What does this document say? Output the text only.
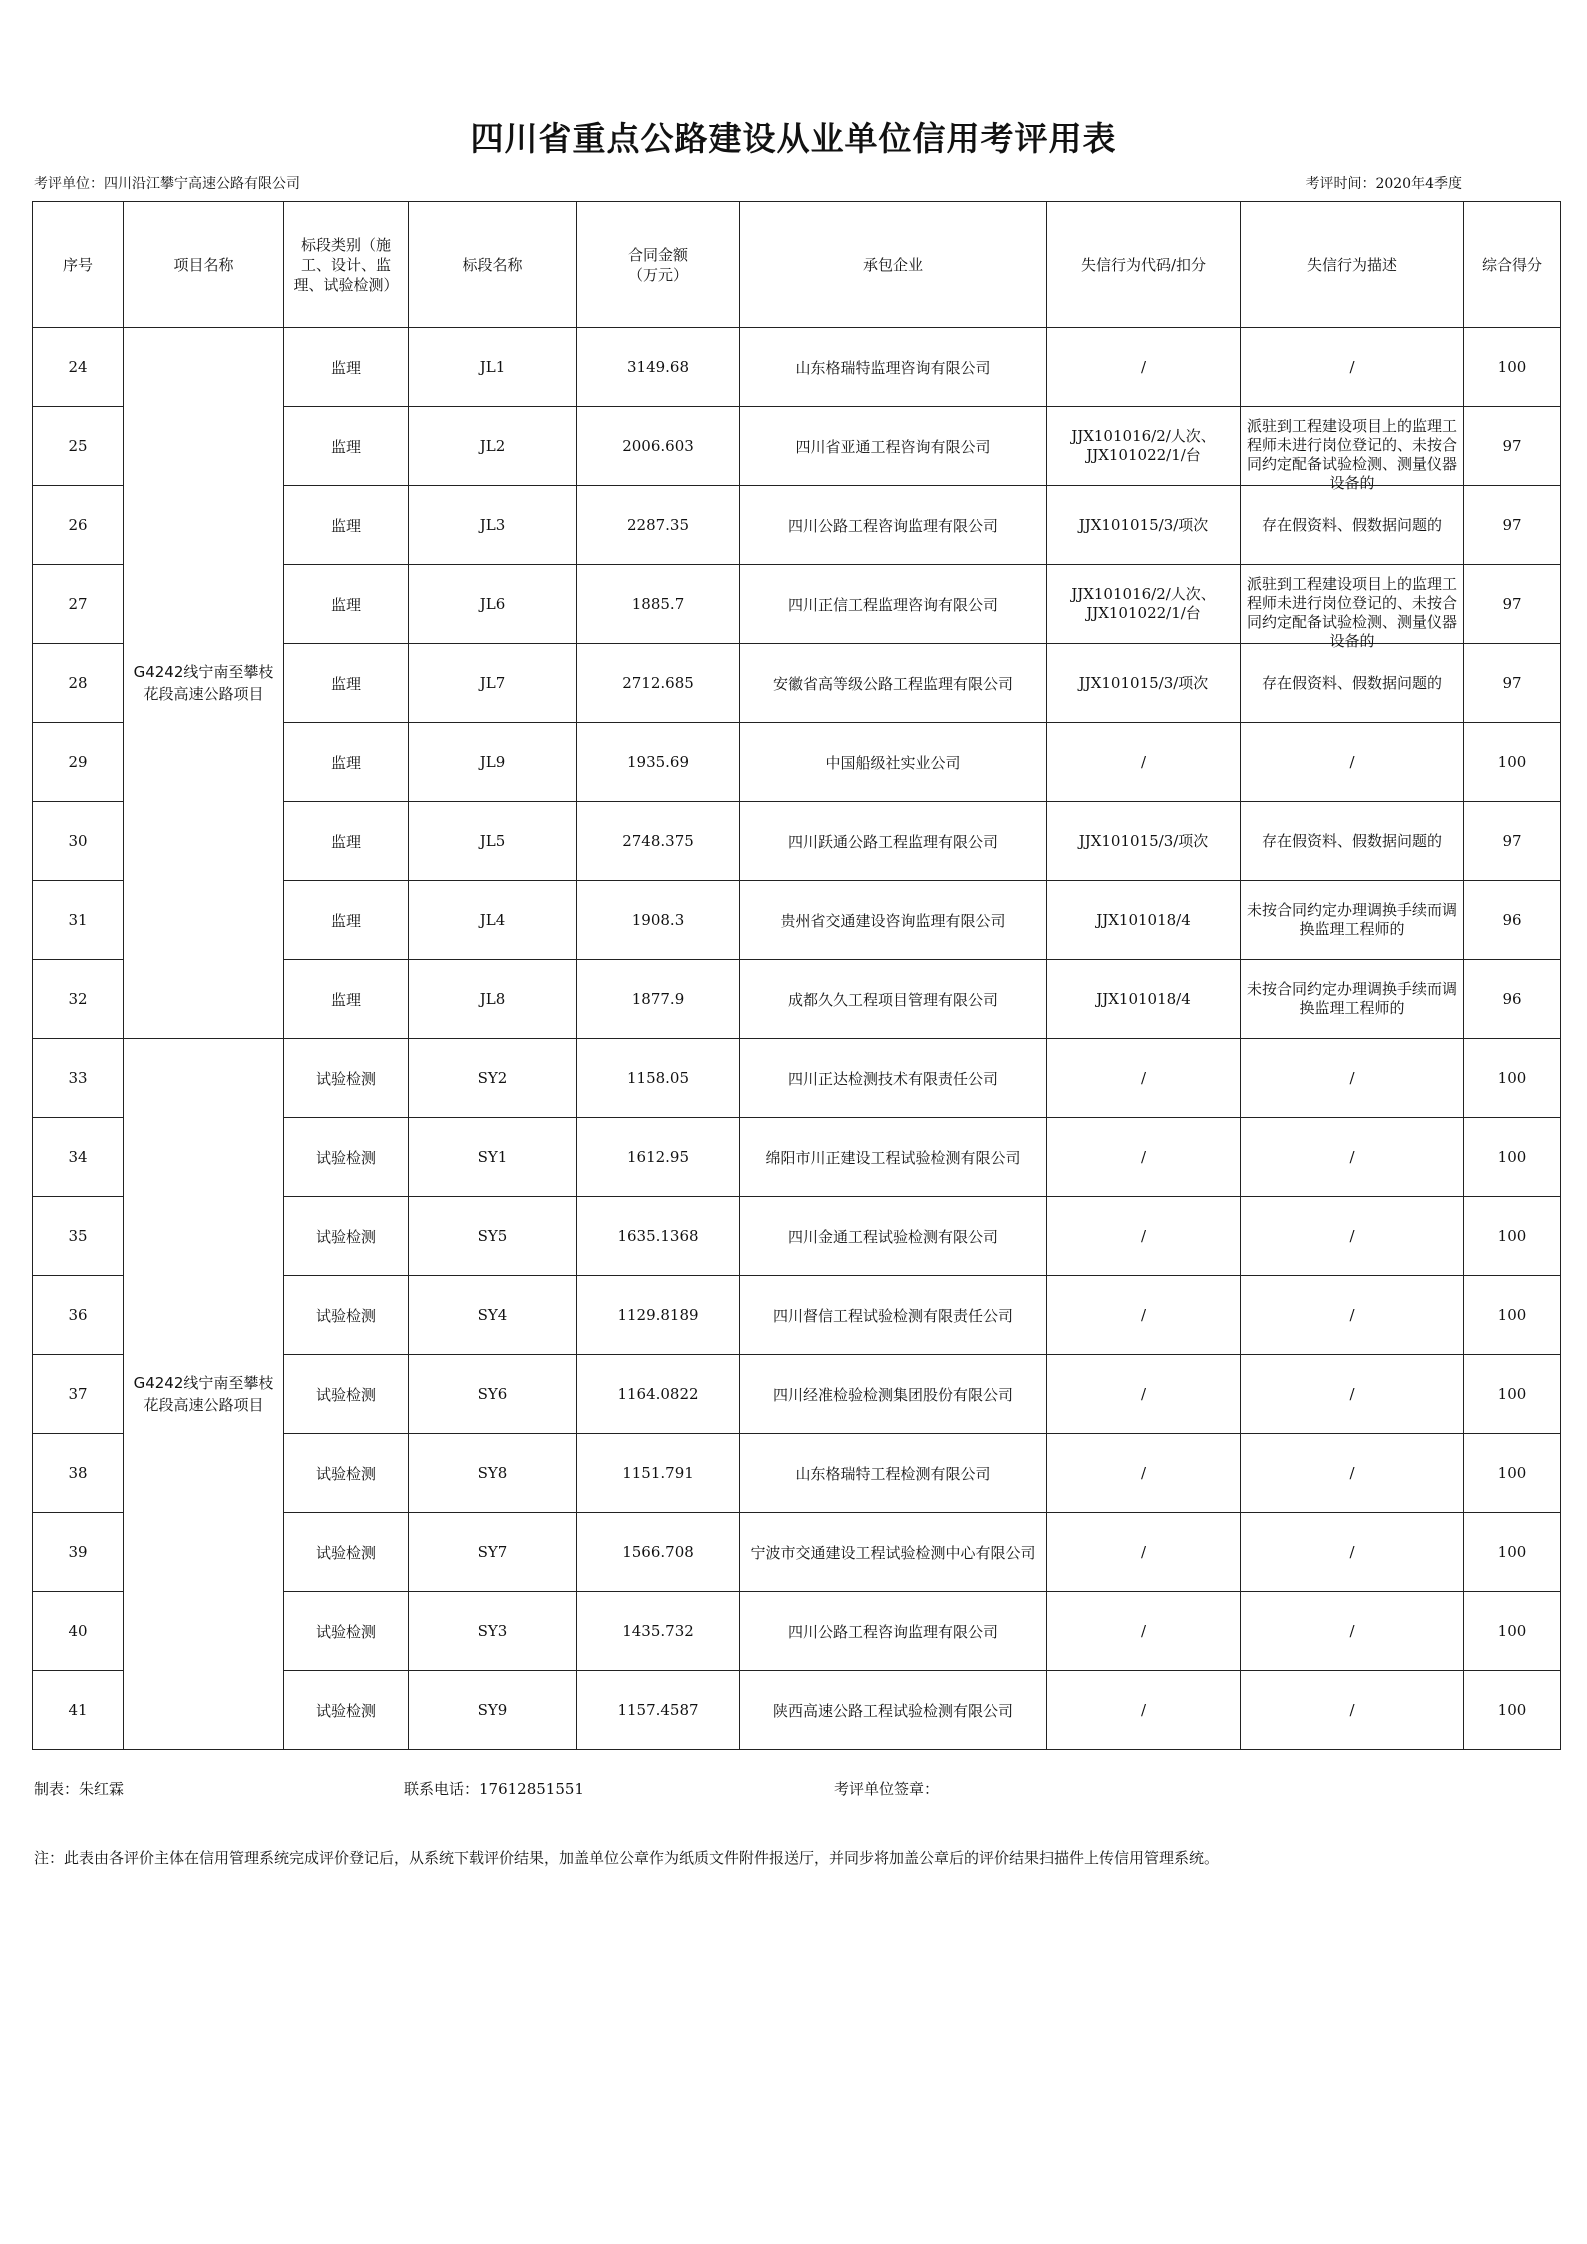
四川省重点公路建设从业单位信用考评用表
考评单位：四川沿江攀宁高速公路有限公司	考评时间：2020年4季度
序号	项目名称	标段类别（施工、设计、监理、试验检测）	标段名称	合同金额（万元）	承包企业	失信行为代码/扣分	失信行为描述	综合得分
24	G4242线宁南至攀枝花段高速公路项目	监理	JL1	3149.68	山东格瑞特监理咨询有限公司	/	/	100
25		监理	JL2	2006.603	四川省亚通工程咨询有限公司	JJX101016/2/人次、JJX101022/1/台	派驻到工程建设项目上的监理工程师未进行岗位登记的、未按合同约定配备试验检测、测量仪器设备的	97
26		监理	JL3	2287.35	四川公路工程咨询监理有限公司	JJX101015/3/项次	存在假资料、假数据问题的	97
27		监理	JL6	1885.7	四川正信工程监理咨询有限公司	JJX101016/2/人次、JJX101022/1/台	派驻到工程建设项目上的监理工程师未进行岗位登记的、未按合同约定配备试验检测、测量仪器设备的	97
28		监理	JL7	2712.685	安徽省高等级公路工程监理有限公司	JJX101015/3/项次	存在假资料、假数据问题的	97
29		监理	JL9	1935.69	中国船级社实业公司	/	/	100
30		监理	JL5	2748.375	四川跃通公路工程监理有限公司	JJX101015/3/项次	存在假资料、假数据问题的	97
31		监理	JL4	1908.3	贵州省交通建设咨询监理有限公司	JJX101018/4	未按合同约定办理调换手续而调换监理工程师的	96
32		监理	JL8	1877.9	成都久久工程项目管理有限公司	JJX101018/4	未按合同约定办理调换手续而调换监理工程师的	96
33	G4242线宁南至攀枝花段高速公路项目	试验检测	SY2	1158.05	四川正达检测技术有限责任公司	/	/	100
34		试验检测	SY1	1612.95	绵阳市川正建设工程试验检测有限公司	/	/	100
35		试验检测	SY5	1635.1368	四川金通工程试验检测有限公司	/	/	100
36		试验检测	SY4	1129.8189	四川督信工程试验检测有限责任公司	/	/	100
37		试验检测	SY6	1164.0822	四川经准检验检测集团股份有限公司	/	/	100
38		试验检测	SY8	1151.791	山东格瑞特工程检测有限公司	/	/	100
39		试验检测	SY7	1566.708	宁波市交通建设工程试验检测中心有限公司	/	/	100
40		试验检测	SY3	1435.732	四川公路工程咨询监理有限公司	/	/	100
41		试验检测	SY9	1157.4587	陕西高速公路工程试验检测有限公司	/	/	100
制表：朱红霖	联系电话：17612851551	考评单位签章：
注：此表由各评价主体在信用管理系统完成评价登记后，从系统下载评价结果，加盖单位公章作为纸质文件附件报送厅，并同步将加盖公章后的评价结果扫描件上传信用管理系统。
